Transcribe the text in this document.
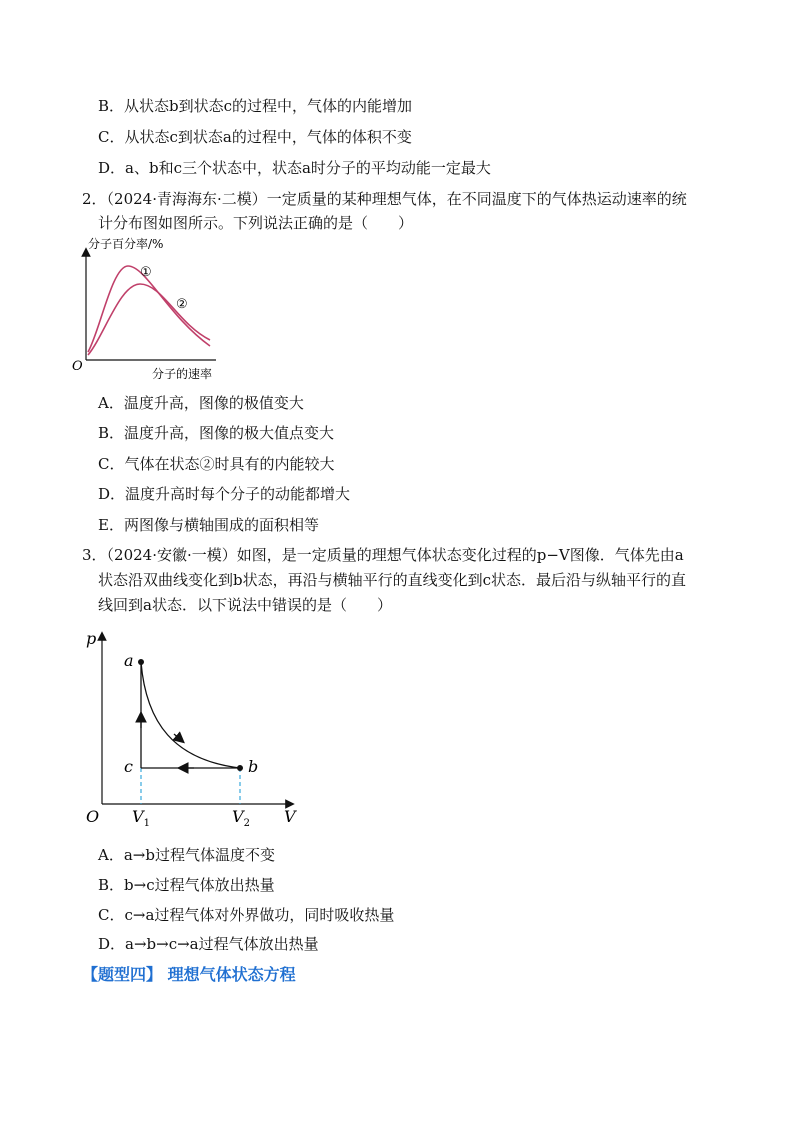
B．从状态b到状态c的过程中，气体的内能增加
C．从状态c到状态a的过程中，气体的体积不变
D．a、b和c三个状态中，状态a时分子的平均动能一定最大
2．（2024·青海海东·二模）一定质量的某种理想气体，在不同温度下的气体热运动速率的统
计分布图如图所示。下列说法正确的是（　　）
分子百分率/%
①
②
O	分子的速率
A．温度升高，图像的极值变大
B．温度升高，图像的极大值点变大
C．气体在状态②时具有的内能较大
D．温度升高时每个分子的动能都增大
E．两图像与横轴围成的面积相等
3．（2024·安徽·一模）如图，是一定质量的理想气体状态变化过程的p−V图像．气体先由a
状态沿双曲线变化到b状态，再沿与横轴平行的直线变化到c状态．最后沿与纵轴平行的直
线回到a状态．以下说法中错误的是（　　）
p
a
b
c
O	V
$V_1$	$V_2$
A．a→b过程气体温度不变
B．b→c过程气体放出热量
C．c→a过程气体对外界做功，同时吸收热量
D．a→b→c→a过程气体放出热量
【题型四】 理想气体状态方程
